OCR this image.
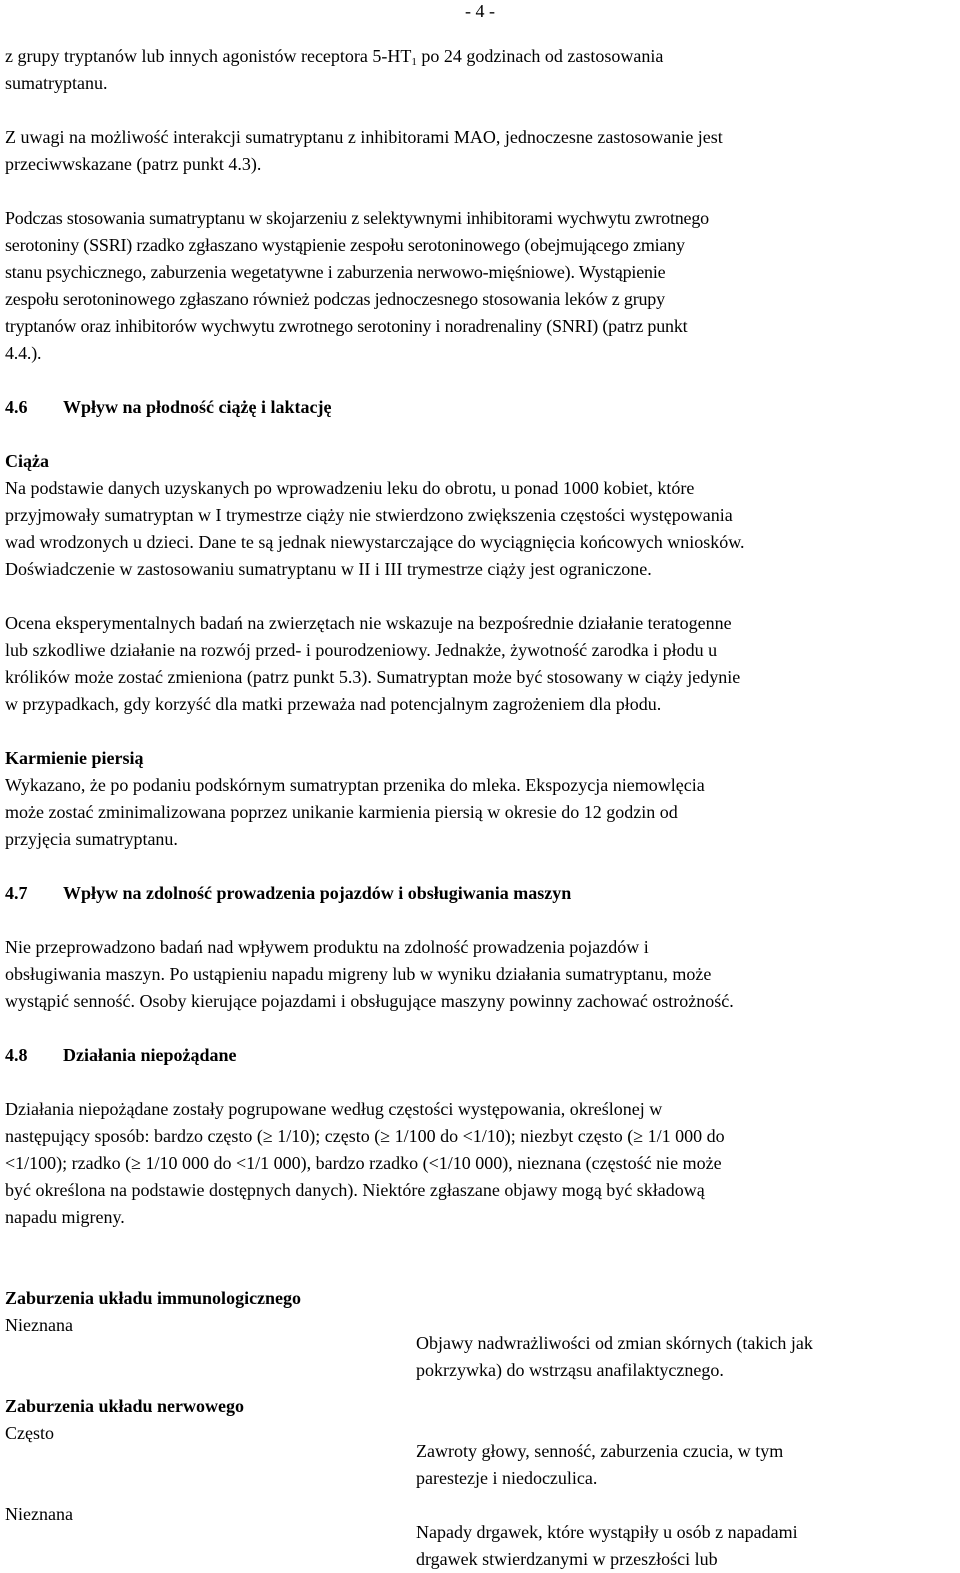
- 4 -

z grupy tryptanów lub innych agonistów receptora $5-HT_1$ po 24 godzinach od zastosowania

sumatryptanu.

Z uwagi na możliwość interakcji sumatryptanu z inhibitorami MAO, jednoczesne zastosowanie jest

przeciwwskazane (patrz punkt 4.3).

Podczas stosowania sumatryptanu w skojarzeniu z selektywnymi inhibitorami wychwytu zwrotnego

serotoniny (SSRI) rzadko zgłaszano wystąpienie zespołu serotoninowego (obejmującego zmiany

stanu psychicznego, zaburzenia wegetatywne i zaburzenia nerwowo-mięśniowe). Wystąpienie

zespołu serotoninowego zgłaszano również podczas jednoczesnego stosowania leków z grupy

tryptanów oraz inhibitorów wychwytu zwrotnego serotoniny i noradrenaliny (SNRI) (patrz punkt

4.4.).

4.6 Wpływ na płodność ciążę i laktację

Ciąża

Na podstawie danych uzyskanych po wprowadzeniu leku do obrotu, u ponad 1000 kobiet, które

przyjmowały sumatryptan w I trymestrze ciąży nie stwierdzono zwiększenia częstości występowania

wad wrodzonych u dzieci. Dane te są jednak niewystarczające do wyciągnięcia końcowych wniosków.

Doświadczenie w zastosowaniu sumatryptanu w II i III trymestrze ciąży jest ograniczone.

Ocena eksperymentalnych badań na zwierzętach nie wskazuje na bezpośrednie działanie teratogenne

lub szkodliwe działanie na rozwój przed- i pourodzeniowy. Jednakże, żywotność zarodka i płodu u

królików może zostać zmieniona (patrz punkt 5.3). Sumatryptan może być stosowany w ciąży jedynie

w przypadkach, gdy korzyść dla matki przeważa nad potencjalnym zagrożeniem dla płodu.

Karmienie piersią

Wykazano, że po podaniu podskórnym sumatryptan przenika do mleka. Ekspozycja niemowlęcia

może zostać zminimalizowana poprzez unikanie karmienia piersią w okresie do 12 godzin od

przyjęcia sumatryptanu.

4.7 Wpływ na zdolność prowadzenia pojazdów i obsługiwania maszyn

Nie przeprowadzono badań nad wpływem produktu na zdolność prowadzenia pojazdów i

obsługiwania maszyn. Po ustąpieniu napadu migreny lub w wyniku działania sumatryptanu, może

wystąpić senność. Osoby kierujące pojazdami i obsługujące maszyny powinny zachować ostrożność.

4.8 Działania niepożądane

Działania niepożądane zostały pogrupowane według częstości występowania, określonej w

następujący sposób: bardzo często (≥ 1/10); często (≥ 1/100 do <1/10); niezbyt często (≥ 1/1 000 do

<1/100); rzadko (≥ 1/10 000 do <1/1 000), bardzo rzadko (<1/10 000), nieznana (częstość nie może

być określona na podstawie dostępnych danych). Niektóre zgłaszane objawy mogą być składową

napadu migreny.

Zaburzenia układu immunologicznego

Nieznana

Objawy nadwrażliwości od zmian skórnych (takich jak

pokrzywka) do wstrząsu anafilaktycznego.

Zaburzenia układu nerwowego

Często

Zawroty głowy, senność, zaburzenia czucia, w tym

parestezje i niedoczulica.

Nieznana

Napady drgawek, które wystąpiły u osób z napadami

drgawek stwierdzanymi w przeszłości lub
